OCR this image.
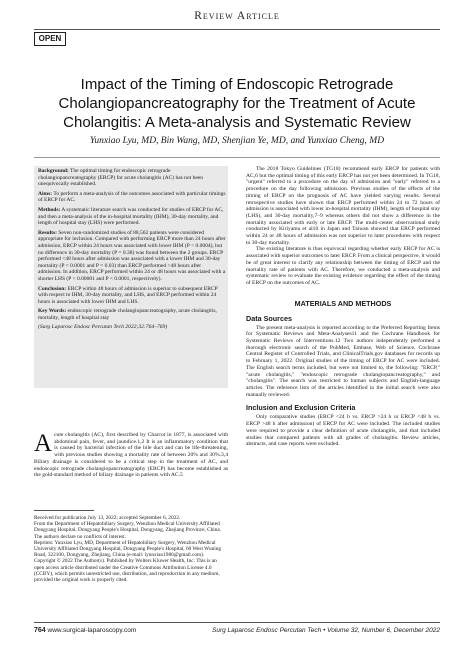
Review Article
OPEN
Impact of the Timing of Endoscopic Retrograde
Cholangiopancreatography for the Treatment of Acute
Cholangitis: A Meta-analysis and Systematic Review
Yunxiao Lyu, MD, Bin Wang, MD, Shenjian Ye, MD, and Yunxiao Cheng, MD

Background: The optimal timing for endoscopic retrograde cholangiopancreatography (ERCP) for acute cholangitis (AC) has not been unequivocally established.

Aims: To perform a meta-analysis of the outcomes associated with particular timings of ERCP for AC.

Methods: A systematic literature search was conducted for studies of ERCP for AC, and then a meta-analysis of the in-hospital mortality (IHM), 30-day mortality, and length of hospital stay (LHS) were performed.

Results: Seven non-randomized studies of 88,562 patients were considered appropriate for inclusion. Compared with performing ERCP more than 24 hours after admission, ERCP within 24 hours was associated with lower IHM (P < 0.0004), but no difference in 30-day mortality (P = 0.38) was found between the 2 groups. ERCP performed <48 hours after admission was associated with a lower IHM and 30-day mortality (P < 0.0001 and P = 0.03) than ERCP performed >48 hours after admission. In addition, ERCP performed within 24 or 48 hours was associated with a shorter LHS (P < 0.00001 and P < 0.0001, respectively).

Conclusion: ERCP within 48 hours of admission is superior to subsequent ERCP with respect to IHM, 30-day mortality, and LHS, and ERCP performed within 24 hours is associated with lower IHM and LHS.

Key Words: endoscopic retrograde cholangiopancreatography, acute cholangitis, mortality, length of hospital stay

(Surg Laparosc Endosc Percutan Tech 2022;32:764–769)

Acute cholangitis (AC), first described by Charcot in 1877, is associated with abdominal pain, fever, and jaundice.1,2 It is an inflammatory condition that is caused by bacterial infection of the bile duct and can be life-threatening, with previous studies showing a mortality rate of between 20% and 30%.3,4 Biliary drainage is considered to be a critical step in the treatment of AC, and endoscopic retrograde cholangiopancreatography (ERCP) has become established as the gold-standard method of biliary drainage in patients with AC.5

Received for publication July 13, 2022; accepted September 6, 2022.

From the Department of Hepatobiliary Surgery, Wenzhou Medical University Affiliated Dongyang Hospital, Dongyang People's Hospital, Dongyang, Zhejiang Province, China.

The authors declare no conflicts of interest.

Reprints: Yunxiao Lyu, MD, Department of Hepatobiliary Surgery, Wenzhou Medical University Affiliated Dongyang Hospital, Dongyang People's Hospital, 60 West Wuning Road, 322100, Dongyang, Zhejiang, China (e-mail: lyunxiao1986@gmail.com).

Copyright © 2022 The Author(s). Published by Wolters Kluwer Health, Inc. This is an open access article distributed under the Creative Commons Attribution License 4.0 (CCBY), which permits unrestricted use, distribution, and reproduction in any medium, provided the original work is properly cited.

The 2018 Tokyo Guidelines (TG18) recommend early ERCP for patients with AC,6 but the optimal timing of this early ERCP has not yet been determined. In TG18, "urgent" referred to a procedure on the day of admission and "early" referred to a procedure on the day following admission. Previous studies of the effects of the timing of ERCP on the prognosis of AC have yielded varying results. Several retrospective studies have shown that ERCP performed within 24 to 72 hours of admission is associated with lower in-hospital mortality (IHM), length of hospital stay (LHS), and 30-day mortality,7–9 whereas others did not show a difference in the mortality associated with early or late ERCP. The multi-center observational study conducted by Kiriyama et al10 in Japan and Taiwan showed that ERCP performed within 24 or 48 hours of admission was not superior to later procedures with respect to 30-day mortality.

The existing literature is thus equivocal regarding whether early ERCP for AC is associated with superior outcomes to later ERCP. From a clinical perspective, it would be of great interest to clarify any relationship between the timing of ERCP and the mortality rate of patients with AC. Therefore, we conducted a meta-analysis and systematic review to evaluate the existing evidence regarding the effect of the timing of ERCP on the outcomes of AC.

MATERIALS AND METHODS
Data Sources

The present meta-analysis is reported according to the Preferred Reporting Items for Systematic Reviews and Meta-Analyses11 and the Cochrane Handbook for Systematic Reviews of Interventions.12 Two authors independently performed a thorough electronic search of the PubMed, Embase, Web of Science, Cochrane Central Register of Controlled Trials, and ClinicalTrials.gov databases for records up to February 1, 2022. Original studies of the timing of ERCP for AC were included. The English search terms included, but were not limited to, the following: "ERCP," "acute cholangitis," "endoscopic retrograde cholangiopancreatography," and "cholangitis". The search was restricted to human subjects and English-language articles. The reference lists of the articles identified in the initial search were also manually reviewed.

Inclusion and Exclusion Criteria

Only comparative studies (ERCP <24 h vs. ERCP >24 h or ERCP <48 h vs. ERCP >48 h after admission) of ERCP for AC were included. The included studies were required to provide a clear definition of acute cholangitis, and that included studies that compared patients with all grades of cholangitis. Review articles, abstracts, and case reports were excluded.

764 www.surgical-laparoscopy.com	Surg Laparosc Endosc Percutan Tech • Volume 32, Number 6, December 2022
